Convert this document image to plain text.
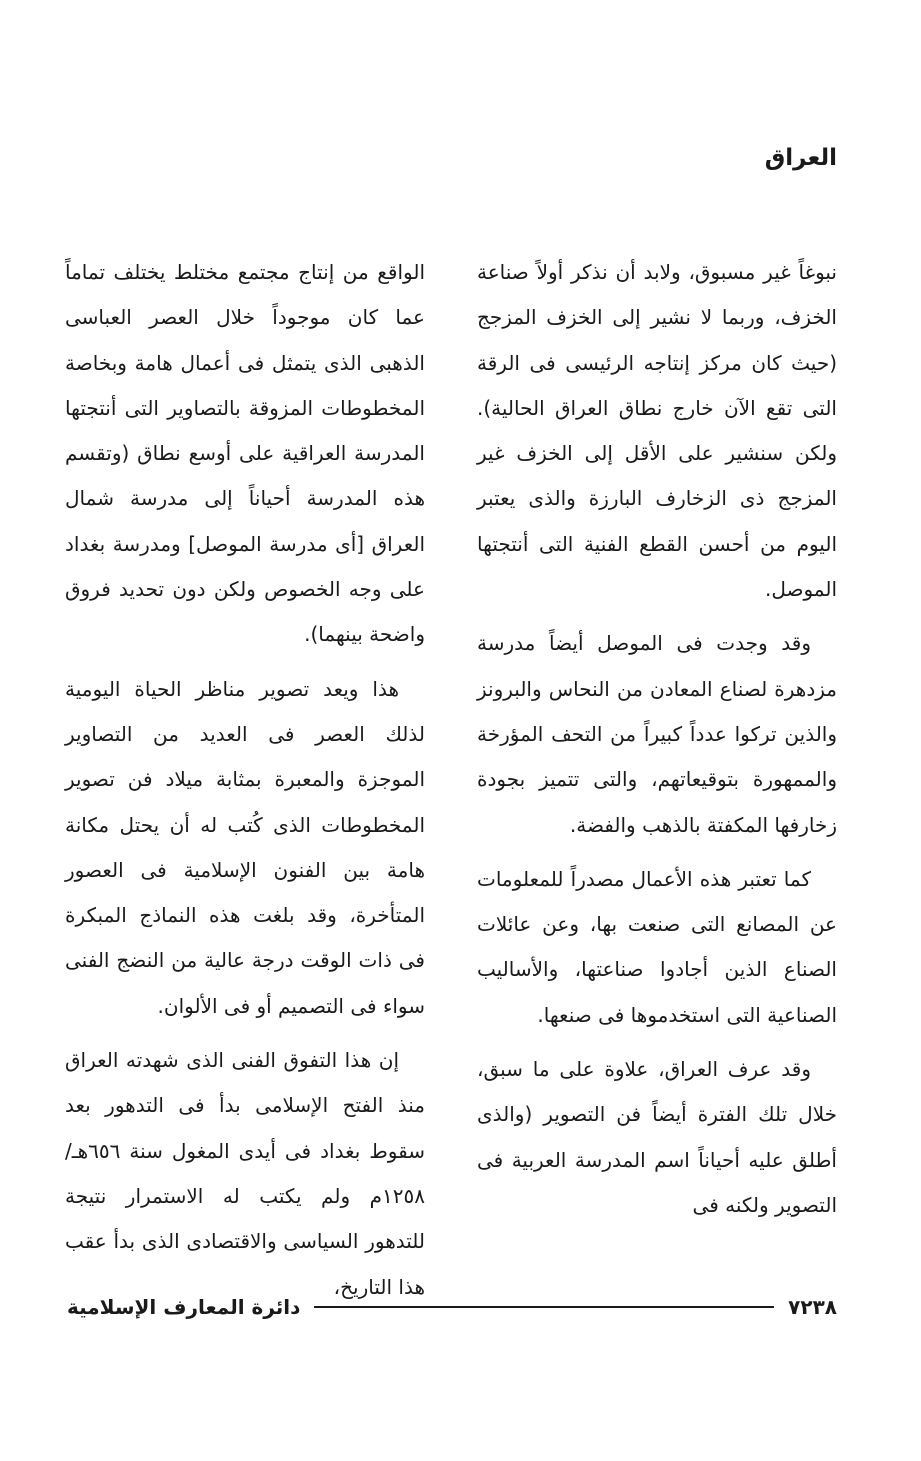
العراق

نبوغاً غير مسبوق، ولابد أن نذكر أولاً صناعة الخزف، وربما لا نشير إلى الخزف المزجج (حيث كان مركز إنتاجه الرئيسى فى الرقة التى تقع الآن خارج نطاق العراق الحالية). ولكن سنشير على الأقل إلى الخزف غير المزجج ذى الزخارف البارزة والذى يعتبر اليوم من أحسن القطع الفنية التى أنتجتها الموصل.

وقد وجدت فى الموصل أيضاً مدرسة مزدهرة لصناع المعادن من النحاس والبرونز والذين تركوا عدداً كبيراً من التحف المؤرخة والممهورة بتوقيعاتهم، والتى تتميز بجودة زخارفها المكفتة بالذهب والفضة.

كما تعتبر هذه الأعمال مصدراً للمعلومات عن المصانع التى صنعت بها، وعن عائلات الصناع الذين أجادوا صناعتها، والأساليب الصناعية التى استخدموها فى صنعها.

وقد عرف العراق، علاوة على ما سبق، خلال تلك الفترة أيضاً فن التصوير (والذى أطلق عليه أحياناً اسم المدرسة العربية فى التصوير ولكنه فى

الواقع من إنتاج مجتمع مختلط يختلف تماماً عما كان موجوداً خلال العصر العباسى الذهبى الذى يتمثل فى أعمال هامة وبخاصة المخطوطات المزوقة بالتصاوير التى أنتجتها المدرسة العراقية على أوسع نطاق (وتقسم هذه المدرسة أحياناً إلى مدرسة شمال العراق [أى مدرسة الموصل] ومدرسة بغداد على وجه الخصوص ولكن دون تحديد فروق واضحة بينهما).

هذا ويعد تصوير مناظر الحياة اليومية لذلك العصر فى العديد من التصاوير الموجزة والمعبرة بمثابة ميلاد فن تصوير المخطوطات الذى كُتب له أن يحتل مكانة هامة بين الفنون الإسلامية فى العصور المتأخرة، وقد بلغت هذه النماذج المبكرة فى ذات الوقت درجة عالية من النضج الفنى سواء فى التصميم أو فى الألوان.

إن هذا التفوق الفنى الذى شهدته العراق منذ الفتح الإسلامى بدأ فى التدهور بعد سقوط بغداد فى أيدى المغول سنة ٦٥٦هـ/١٢٥٨م ولم يكتب له الاستمرار نتيجة للتدهور السياسى والاقتصادى الذى بدأ عقب هذا التاريخ،

٧٢٣٨
دائرة المعارف الإسلامية
